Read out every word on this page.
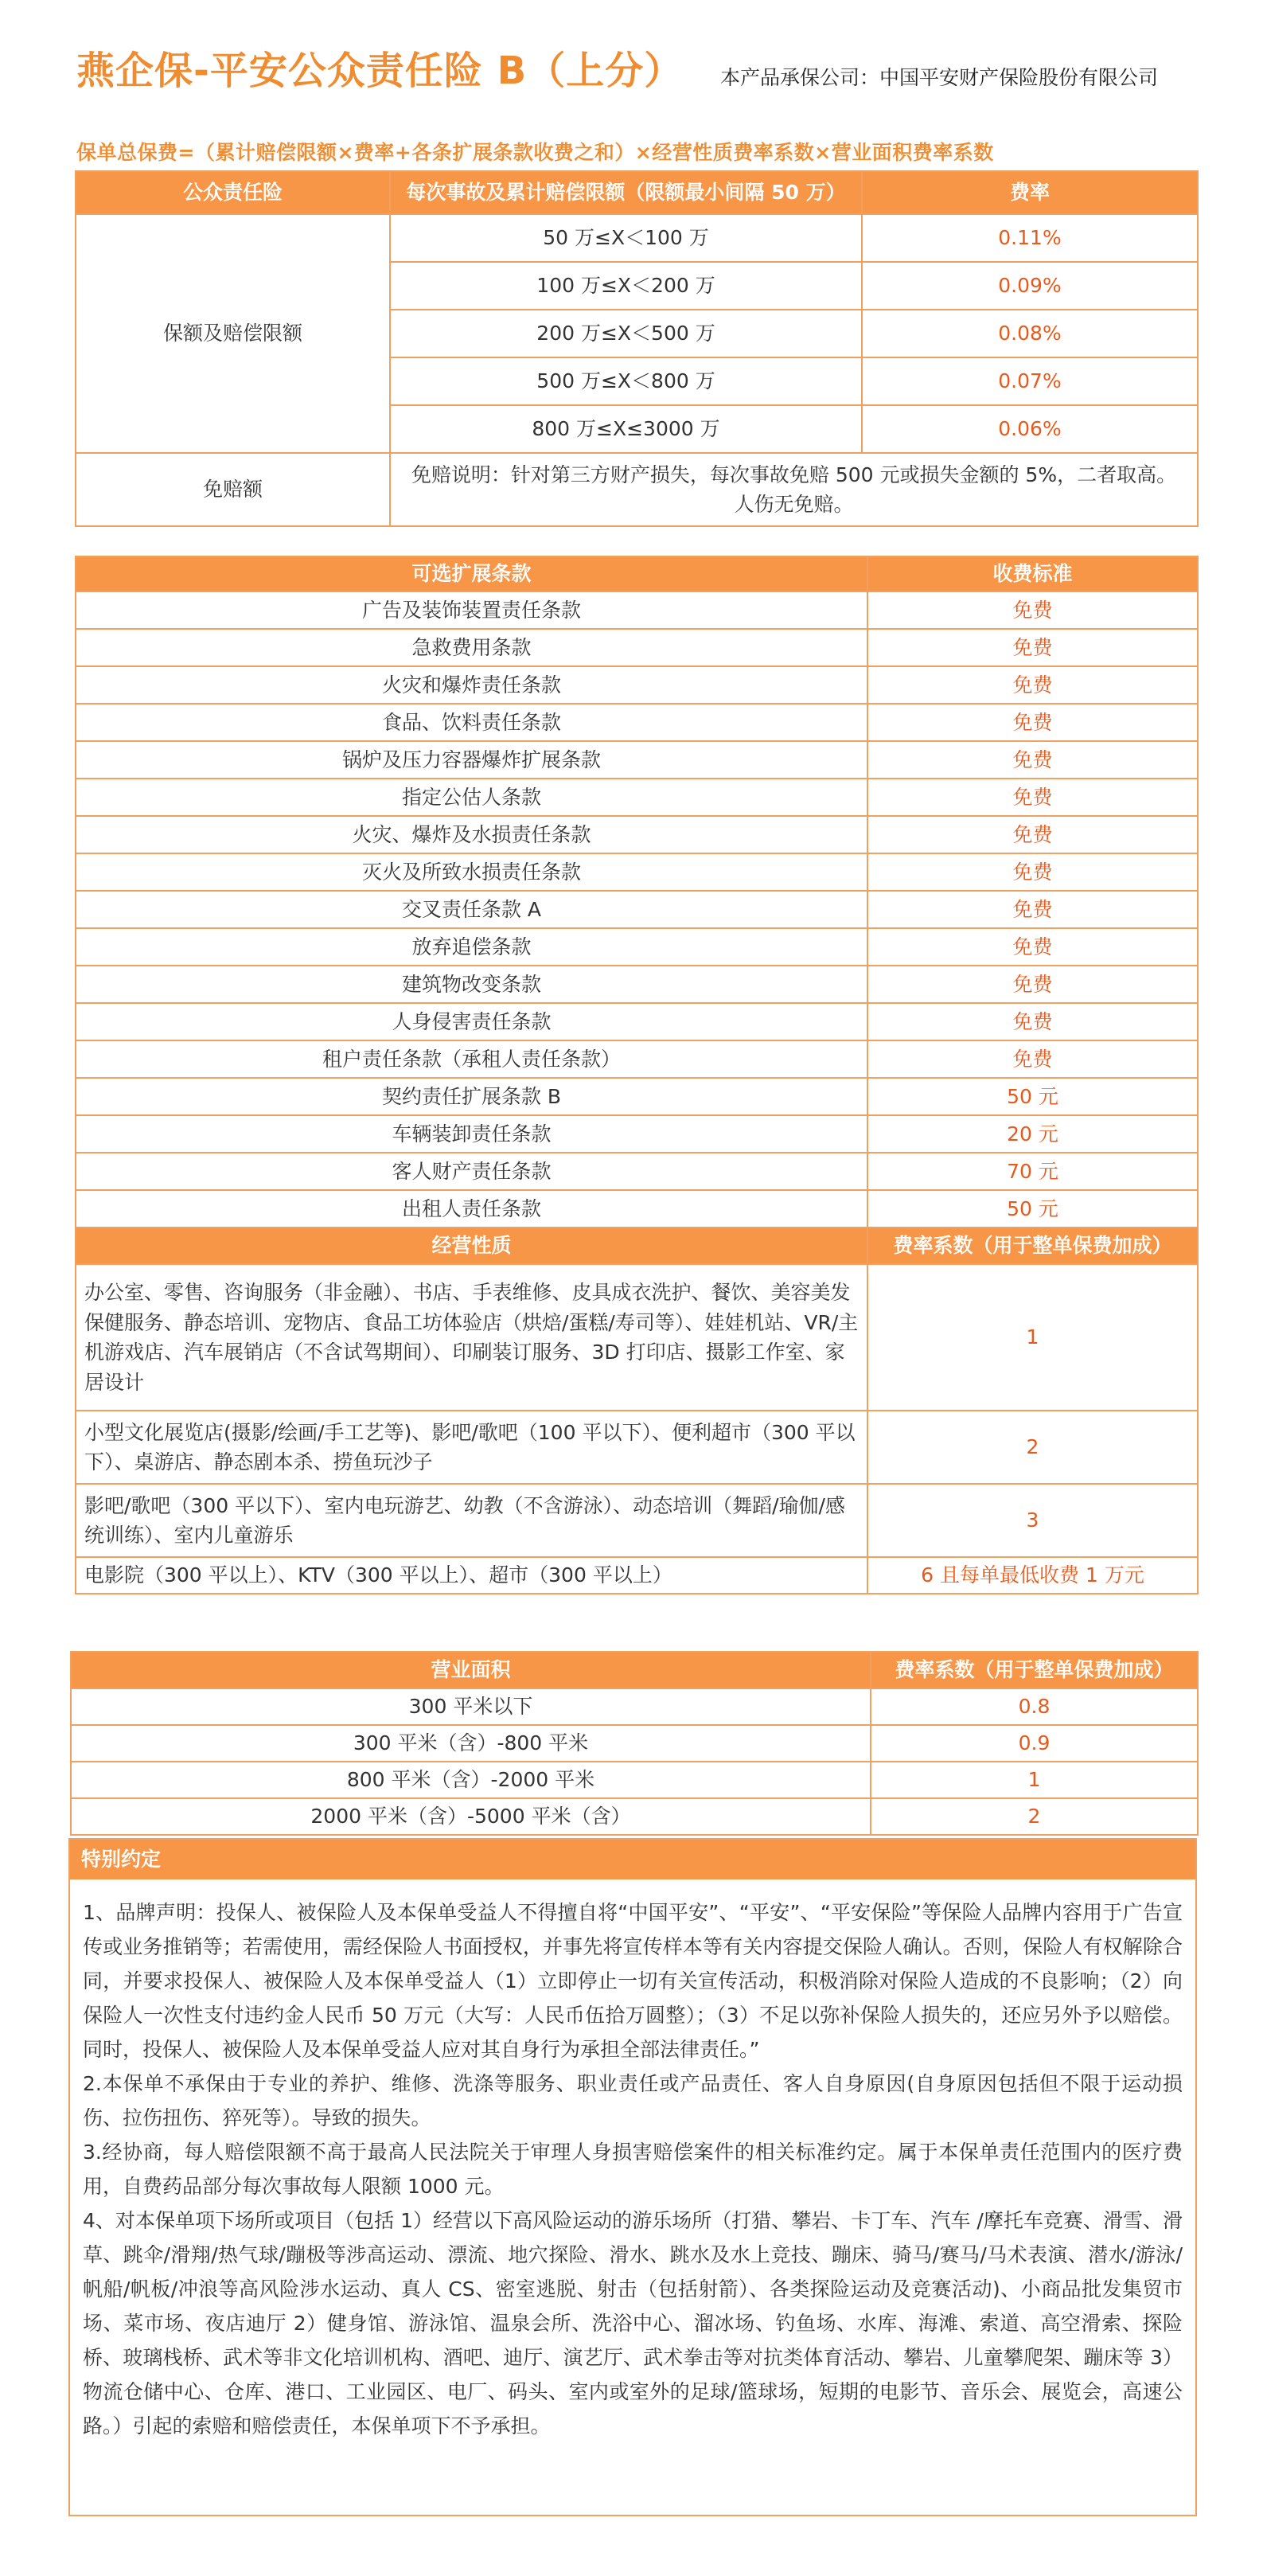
燕企保-平安公众责任险 B（上分） 本产品承保公司：中国平安财产保险股份有限公司
保单总保费=（累计赔偿限额×费率+各条扩展条款收费之和）×经营性质费率系数×营业面积费率系数
公众责任险	每次事故及累计赔偿限额（限额最小间隔 50 万）	费率
保额及赔偿限额	50 万≤X＜100 万	0.11%
	100 万≤X＜200 万	0.09%
	200 万≤X＜500 万	0.08%
	500 万≤X＜800 万	0.07%
	800 万≤X≤3000 万	0.06%
免赔额	免赔说明：针对第三方财产损失，每次事故免赔 500 元或损失金额的 5%，二者取高。
人伤无免赔。	
可选扩展条款	收费标准
广告及装饰装置责任条款	免费
急救费用条款	免费
火灾和爆炸责任条款	免费
食品、饮料责任条款	免费
锅炉及压力容器爆炸扩展条款	免费
指定公估人条款	免费
火灾、爆炸及水损责任条款	免费
灭火及所致水损责任条款	免费
交叉责任条款 A	免费
放弃追偿条款	免费
建筑物改变条款	免费
人身侵害责任条款	免费
租户责任条款（承租人责任条款）	免费
契约责任扩展条款 B	50 元
车辆装卸责任条款	20 元
客人财产责任条款	70 元
出租人责任条款	50 元
经营性质	费率系数（用于整单保费加成）
办公室、零售、咨询服务（非金融）、书店、手表维修、皮具成衣洗护、餐饮、美容美发保健服务、静态培训、宠物店、食品工坊体验店（烘焙/蛋糕/寿司等）、娃娃机站、VR/主机游戏店、汽车展销店（不含试驾期间）、印刷装订服务、3D 打印店、摄影工作室、家居设计	1
小型文化展览店(摄影/绘画/手工艺等)、影吧/歌吧（100 平以下）、便利超市（300 平以下）、桌游店、静态剧本杀、捞鱼玩沙子	2
影吧/歌吧（300 平以下）、室内电玩游艺、幼教（不含游泳）、动态培训（舞蹈/瑜伽/感统训练）、室内儿童游乐	3
电影院（300 平以上）、KTV（300 平以上）、超市（300 平以上）	6 且每单最低收费 1 万元
营业面积	费率系数（用于整单保费加成）
300 平米以下	0.8
300 平米（含）-800 平米	0.9
800 平米（含）-2000 平米	1
2000 平米（含）-5000 平米（含）	2
特别约定

1、品牌声明：投保人、被保险人及本保单受益人不得擅自将“中国平安”、“平安”、“平安保险”等保险人品牌内容用于广告宣传或业务推销等；若需使用，需经保险人书面授权，并事先将宣传样本等有关内容提交保险人确认。否则，保险人有权解除合同，并要求投保人、被保险人及本保单受益人（1）立即停止一切有关宣传活动，积极消除对保险人造成的不良影响；（2）向保险人一次性支付违约金人民币 50 万元（大写：人民币伍拾万圆整）；（3）不足以弥补保险人损失的，还应另外予以赔偿。同时，投保人、被保险人及本保单受益人应对其自身行为承担全部法律责任。”

2.本保单不承保由于专业的养护、维修、洗涤等服务、职业责任或产品责任、客人自身原因(自身原因包括但不限于运动损伤、拉伤扭伤、猝死等）。导致的损失。

3.经协商，每人赔偿限额不高于最高人民法院关于审理人身损害赔偿案件的相关标准约定。属于本保单责任范围内的医疗费用，自费药品部分每次事故每人限额 1000 元。

4、对本保单项下场所或项目（包括 1）经营以下高风险运动的游乐场所（打猎、攀岩、卡丁车、汽车 /摩托车竞赛、滑雪、滑草、跳伞/滑翔/热气球/蹦极等涉高运动、漂流、地穴探险、滑水、跳水及水上竞技、蹦床、骑马/赛马/马术表演、潜水/游泳/帆船/帆板/冲浪等高风险涉水运动、真人 CS、密室逃脱、射击（包括射箭）、各类探险运动及竞赛活动)、小商品批发集贸市场、菜市场、夜店迪厅 2）健身馆、游泳馆、温泉会所、洗浴中心、溜冰场、钓鱼场、水库、海滩、索道、高空滑索、探险桥、玻璃栈桥、武术等非文化培训机构、酒吧、迪厅、演艺厅、武术拳击等对抗类体育活动、攀岩、儿童攀爬架、蹦床等 3）物流仓储中心、仓库、港口、工业园区、电厂、码头、室内或室外的足球/篮球场，短期的电影节、音乐会、展览会，高速公路。）引起的索赔和赔偿责任，本保单项下不予承担。
